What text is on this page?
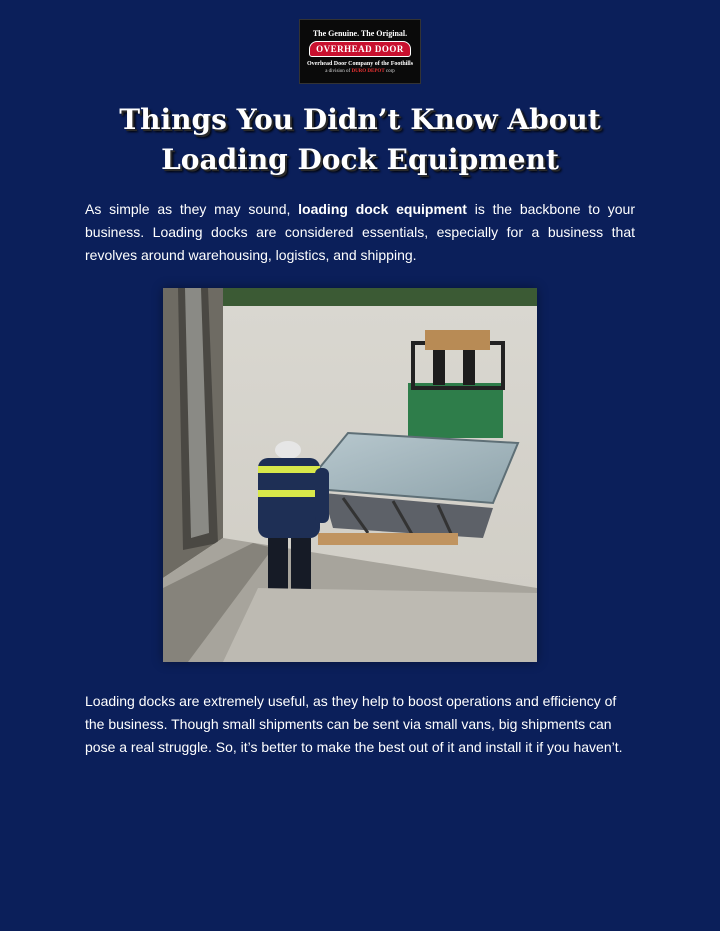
The Genuine. The Original.
OVERHEAD DOOR
Overhead Door Company of the Foothills
a division of DURO DEPOT corp
Things You Didn’t Know About
Loading Dock Equipment

As simple as they may sound, loading dock equipment is the backbone to your business. Loading docks are considered essentials, especially for a business that revolves around warehousing, logistics, and shipping.

Loading docks are extremely useful, as they help to boost operations and efficiency of the business. Though small shipments can be sent via small vans, big shipments can pose a real struggle. So, it’s better to make the best out of it and install it if you haven’t.
